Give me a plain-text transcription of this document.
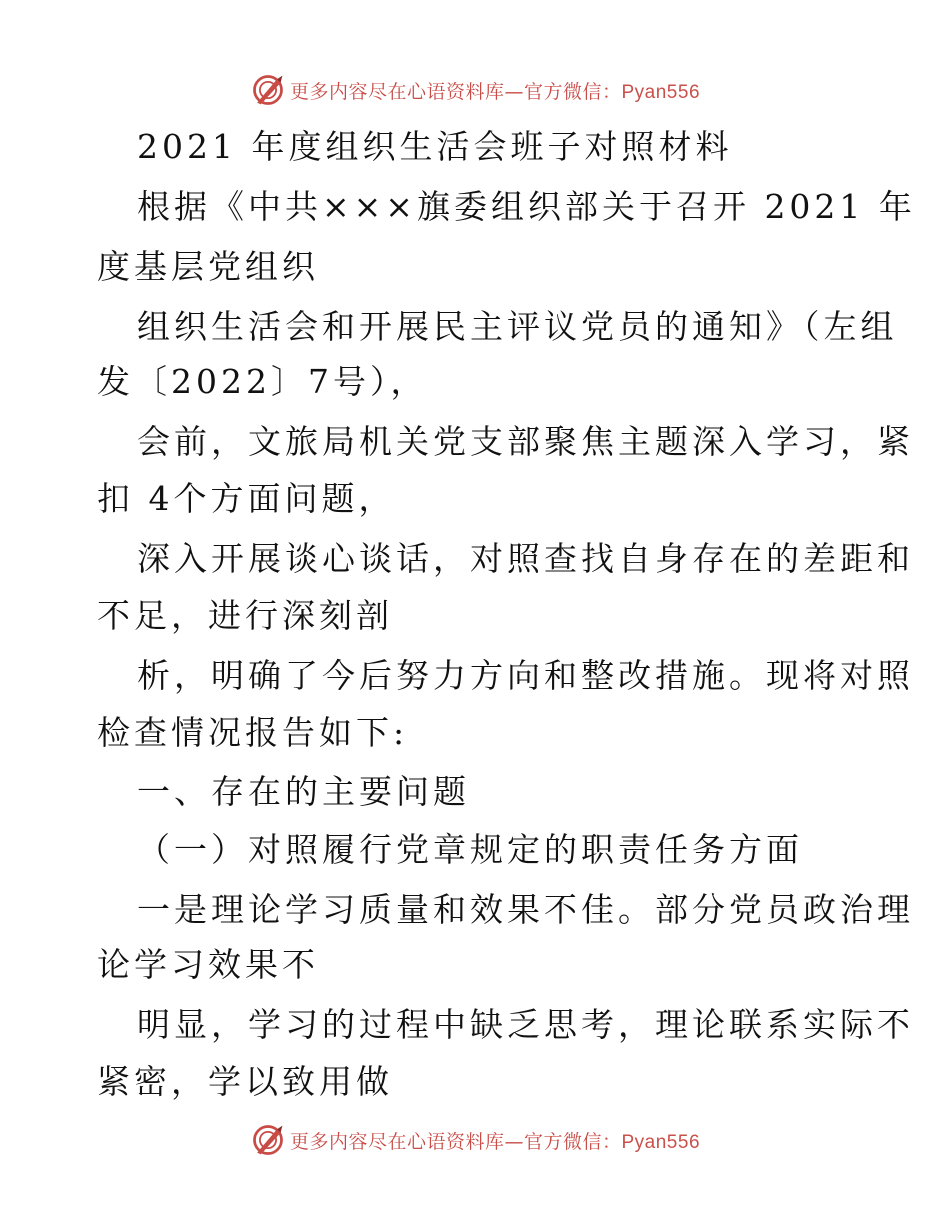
更多内容尽在心语资料库—官方微信：Pyan556
2021 年度组织生活会班子对照材料
根据《中共×××旗委组织部关于召开 2021 年
度基层党组织
组织生活会和开展民主评议党员的通知》（左组
发〔2022〕7号），
会前，文旅局机关党支部聚焦主题深入学习，紧
扣 4个方面问题，
深入开展谈心谈话，对照查找自身存在的差距和
不足，进行深刻剖
析，明确了今后努力方向和整改措施。现将对照
检查情况报告如下:
一、存在的主要问题
（一）对照履行党章规定的职责任务方面
一是理论学习质量和效果不佳。部分党员政治理
论学习效果不
明显，学习的过程中缺乏思考，理论联系实际不
紧密，学以致用做
更多内容尽在心语资料库—官方微信：Pyan556
